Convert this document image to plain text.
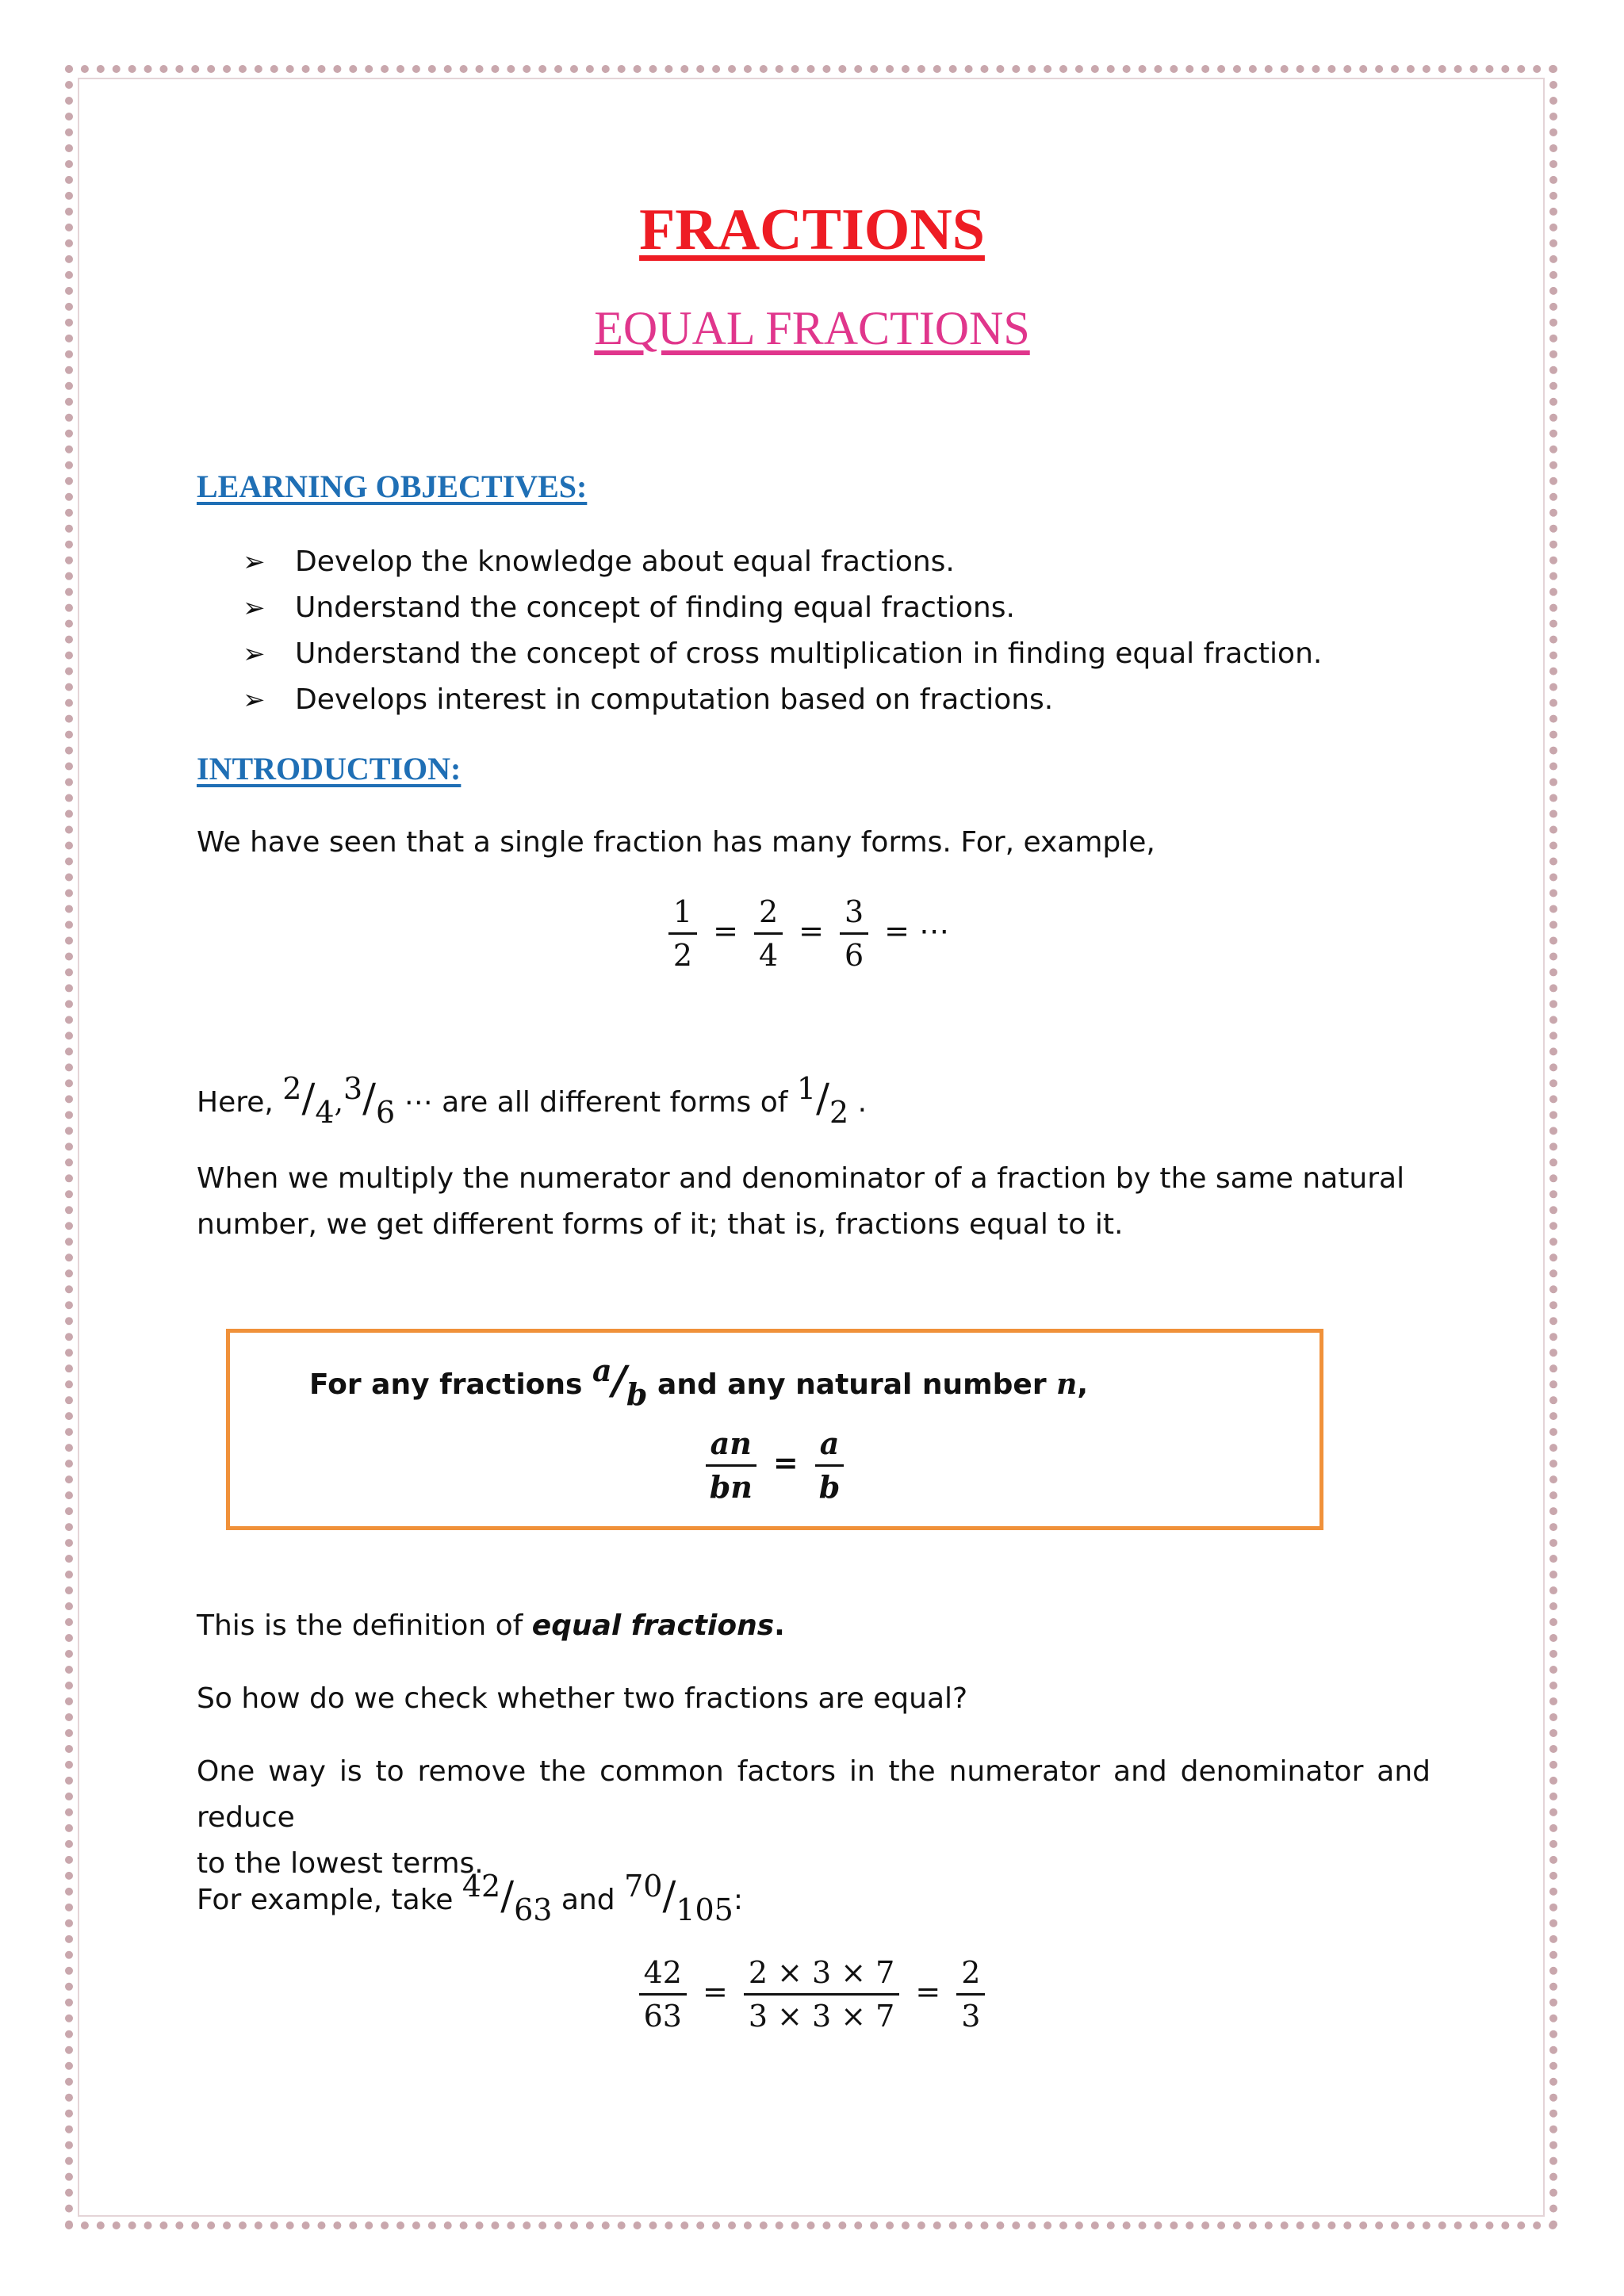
FRACTIONS
EQUAL FRACTIONS
LEARNING OBJECTIVES:
➢ Develop the knowledge about equal fractions.
➢ Understand the concept of finding equal fractions.
➢ Understand the concept of cross multiplication in finding equal fraction.
➢ Develops interest in computation based on fractions.
INTRODUCTION:
We have seen that a single fraction has many forms. For, example,
$\frac{1}{2} = \frac{2}{4} = \frac{3}{6}$ = ⋯
Here, 2/4,3/6 ⋯ are all different forms of 1/2 .
When we multiply the numerator and denominator of a fraction by the same natural
number, we get different forms of it; that is, fractions equal to it.
For any fractions a/b and any natural number n,
$\frac{an}{bn} = \frac{a}{b}$
This is the definition of equal fractions.
So how do we check whether two fractions are equal?
One way is to remove the common factors in the numerator and denominator and reduce
to the lowest terms.
For example, take 42/63 and 70/105:
$\frac{42}{63} = \frac{2 \times 3 \times 7}{3 \times 3 \times 7} = \frac{2}{3}$
